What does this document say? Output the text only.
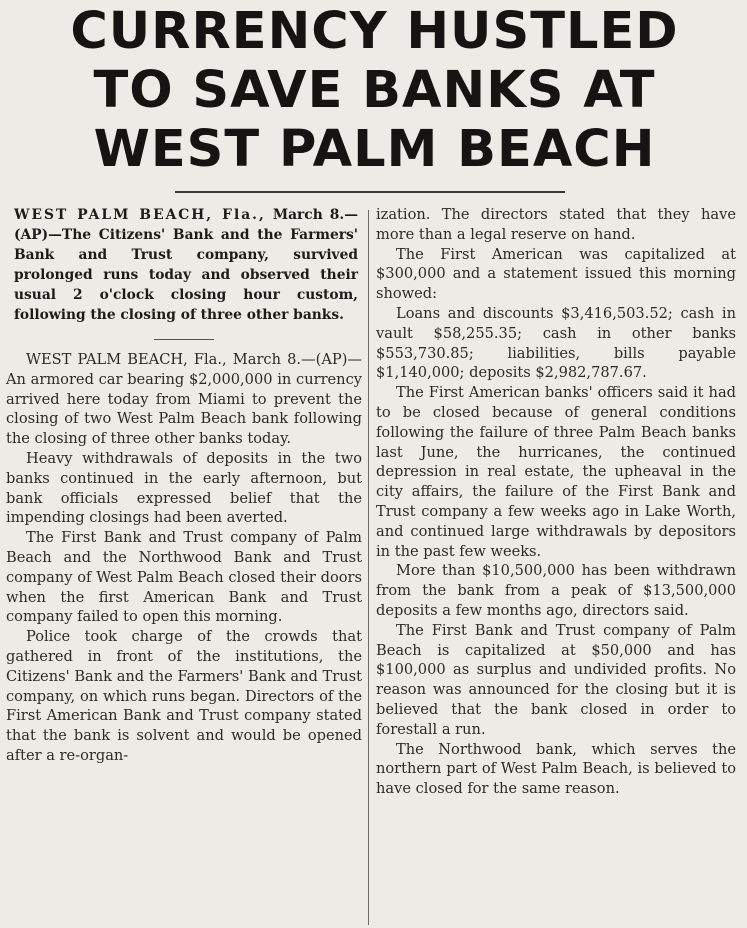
CURRENCY HUSTLED
TO SAVE BANKS AT
WEST PALM BEACH
WEST PALM BEACH, Fla., March 8.—(AP)—The Citizens' Bank and the Farmers' Bank and Trust company, survived prolonged runs today and observed their usual 2 o'clock closing hour custom, following the closing of three other banks.

WEST PALM BEACH, Fla., March 8.—(AP)—An armored car bearing $2,000,000 in currency arrived here today from Miami to prevent the closing of two West Palm Beach bank following the closing of three other banks today.

Heavy withdrawals of deposits in the two banks continued in the early afternoon, but bank officials expressed belief that the impending closings had been averted.

The First Bank and Trust company of Palm Beach and the Northwood Bank and Trust company of West Palm Beach closed their doors when the first American Bank and Trust company failed to open this morning.

Police took charge of the crowds that gathered in front of the institutions, the Citizens' Bank and the Farmers' Bank and Trust company, on which runs began. Directors of the First American Bank and Trust company stated that the bank is solvent and would be opened after a re-organ-

ization. The directors stated that they have more than a legal reserve on hand.

The First American was capitalized at $300,000 and a statement issued this morning showed:

Loans and discounts $3,416,503.52; cash in vault $58,255.35; cash in other banks $553,730.85; liabilities, bills payable $1,140,000; deposits $2,982,787.67.

The First American banks' officers said it had to be closed because of general conditions following the failure of three Palm Beach banks last June, the hurricanes, the continued depression in real estate, the upheaval in the city affairs, the failure of the First Bank and Trust company a few weeks ago in Lake Worth, and continued large withdrawals by depositors in the past few weeks.

More than $10,500,000 has been withdrawn from the bank from a peak of $13,500,000 deposits a few months ago, directors said.

The First Bank and Trust company of Palm Beach is capitalized at $50,000 and has $100,000 as surplus and undivided profits. No reason was announced for the closing but it is believed that the bank closed in order to forestall a run.

The Northwood bank, which serves the northern part of West Palm Beach, is believed to have closed for the same reason.
